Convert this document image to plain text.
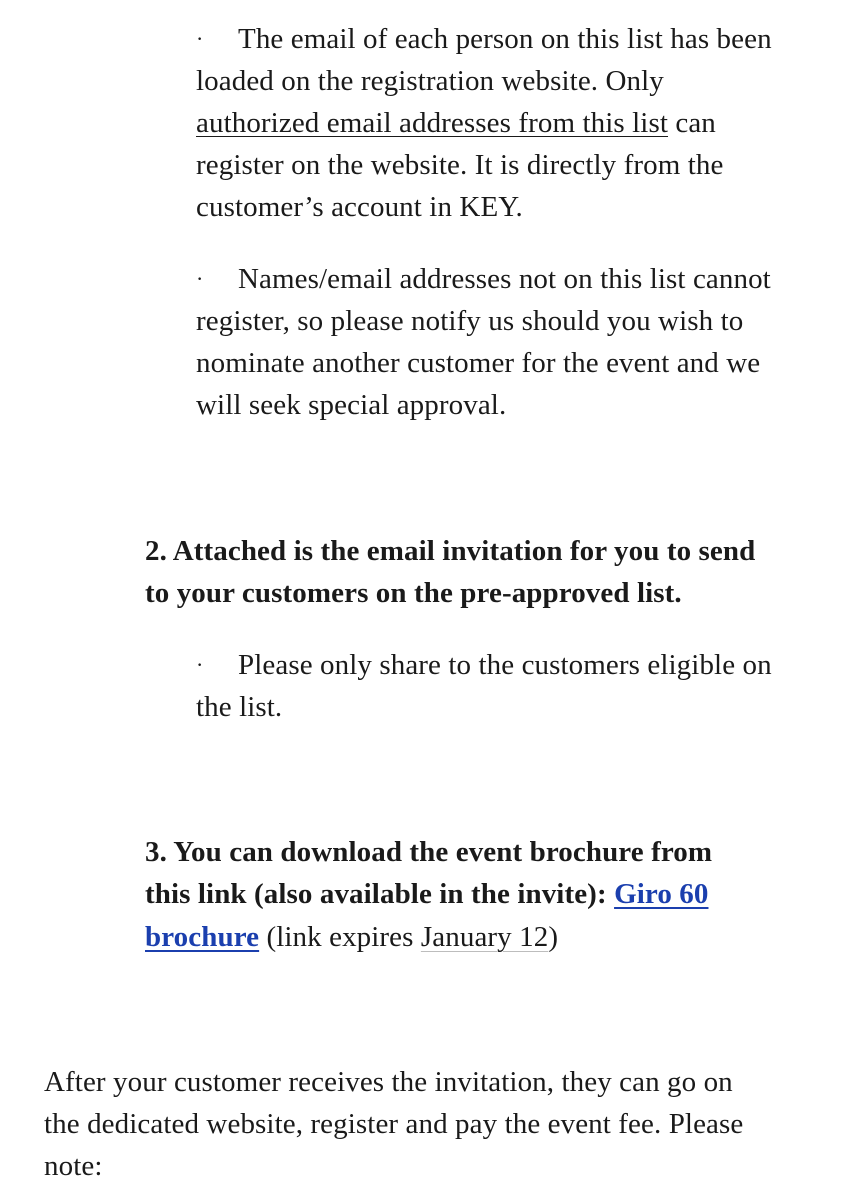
· The email of each person on this list has been
loaded on the registration website. Only
authorized email addresses from this list can
register on the website. It is directly from the
customer’s account in KEY.
· Names/email addresses not on this list cannot
register, so please notify us should you wish to
nominate another customer for the event and we
will seek special approval.
2. Attached is the email invitation for you to send
to your customers on the pre-approved list.
· Please only share to the customers eligible on
the list.
3. You can download the event brochure from
this link (also available in the invite): Giro 60
brochure (link expires January 12)
After your customer receives the invitation, they can go on
the dedicated website, register and pay the event fee. Please
note:
